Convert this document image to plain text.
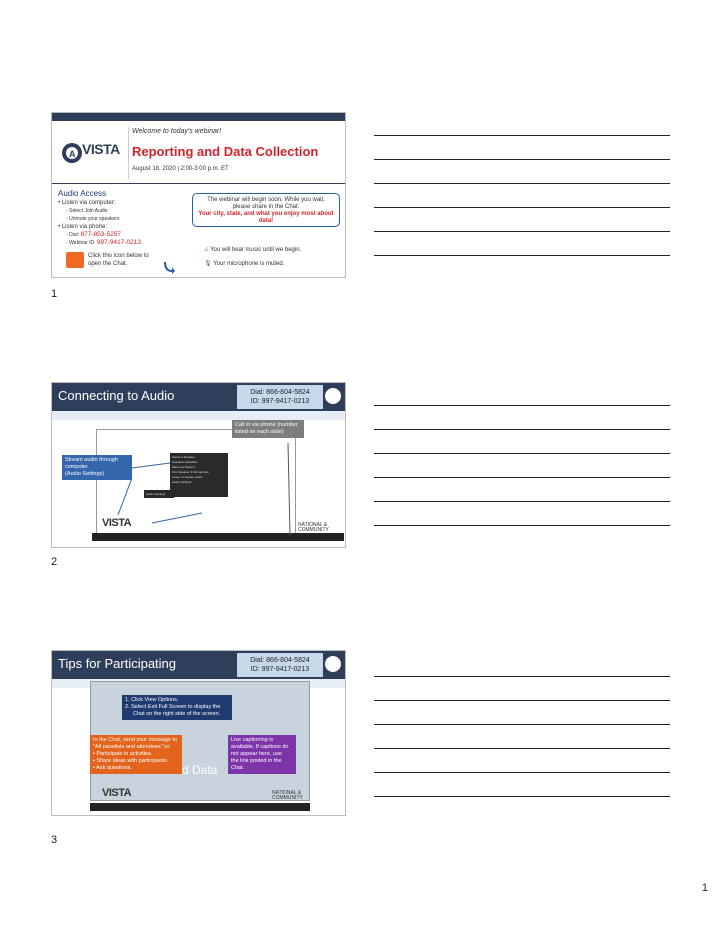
A VISTA
Welcome to today's webinar!
Reporting and Data Collection
August 18, 2020 | 2:00-3:00 p.m. ET
Audio Access
• Listen via computer:
◦ Select Join Audio
◦ Unmute your speakers
• Listen via phone:
◦ Dial: 877-853-5257
◦ Webinar ID: 997-9417-0213
The webinar will begin soon. While you wait,
please share in the Chat:
Your city, state, and what you enjoy most about data!
♫ You will hear music until we begin.
🎙 Your microphone is muted.
Click this icon below to
open the Chat.
1
Connecting to Audio	Dial: 866-804-5824
ID: 997-9417-0213
Call in via phone (number listed on each slide)
Stream audio through
computer
(Audio Settings)
Select a Speaker
Speakers (Realtek)
Same as System
Test Speaker & Microphone
Leave Computer Audio
Audio Settings...
Audio Settings
VISTA	NATIONAL &
COMMUNITY
2
Tips for Participating	Dial: 866-804-5824
ID: 997-9417-0213
d Data
1. Click View Options.
2. Select Exit Full Screen to display the
Chat on the right side of the screen.
In the Chat, send your message to
"All panelists and attendees" to:
• Participate in activities.
• Share ideas with participants.
• Ask questions.
Live captioning is
available. If captions do
not appear here, use
the link posted in the
Chat.
VISTA	NATIONAL &
COMMUNITY
3
1
